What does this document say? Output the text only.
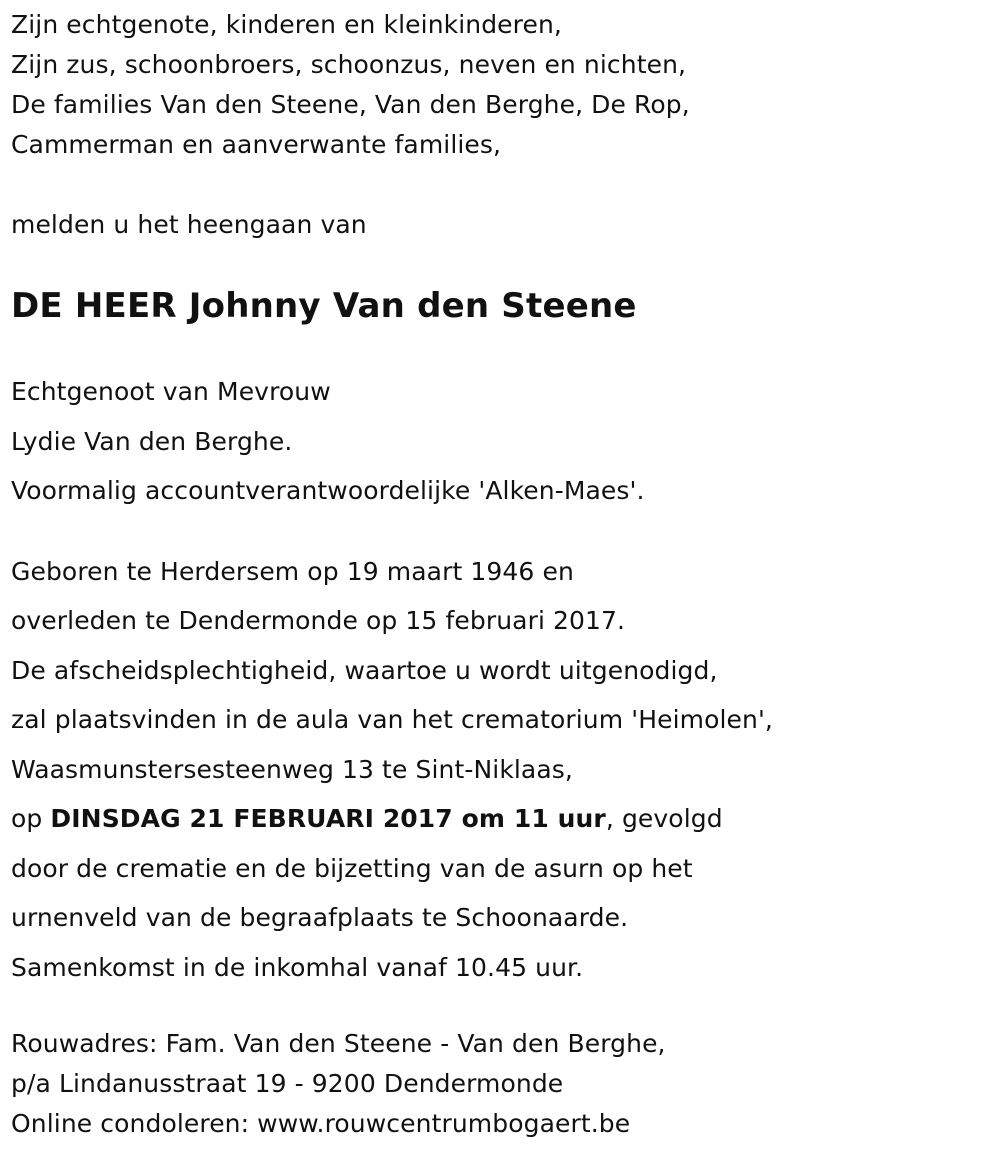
Zijn echtgenote, kinderen en kleinkinderen,
Zijn zus, schoonbroers, schoonzus, neven en nichten,
De families Van den Steene, Van den Berghe, De Rop,
Cammerman en aanverwante families,
melden u het heengaan van
DE HEER Johnny Van den Steene
Echtgenoot van Mevrouw
Lydie Van den Berghe.
Voormalig accountverantwoordelijke 'Alken-Maes'.
Geboren te Herdersem op 19 maart 1946 en
overleden te Dendermonde op 15 februari 2017.
De afscheidsplechtigheid, waartoe u wordt uitgenodigd,
zal plaatsvinden in de aula van het crematorium 'Heimolen',
Waasmunstersesteenweg 13 te Sint-Niklaas,
op DINSDAG 21 FEBRUARI 2017 om 11 uur, gevolgd
door de crematie en de bijzetting van de asurn op het
urnenveld van de begraafplaats te Schoonaarde.
Samenkomst in de inkomhal vanaf 10.45 uur.
Rouwadres: Fam. Van den Steene - Van den Berghe,
p/a Lindanusstraat 19 - 9200 Dendermonde
Online condoleren: www.rouwcentrumbogaert.be
